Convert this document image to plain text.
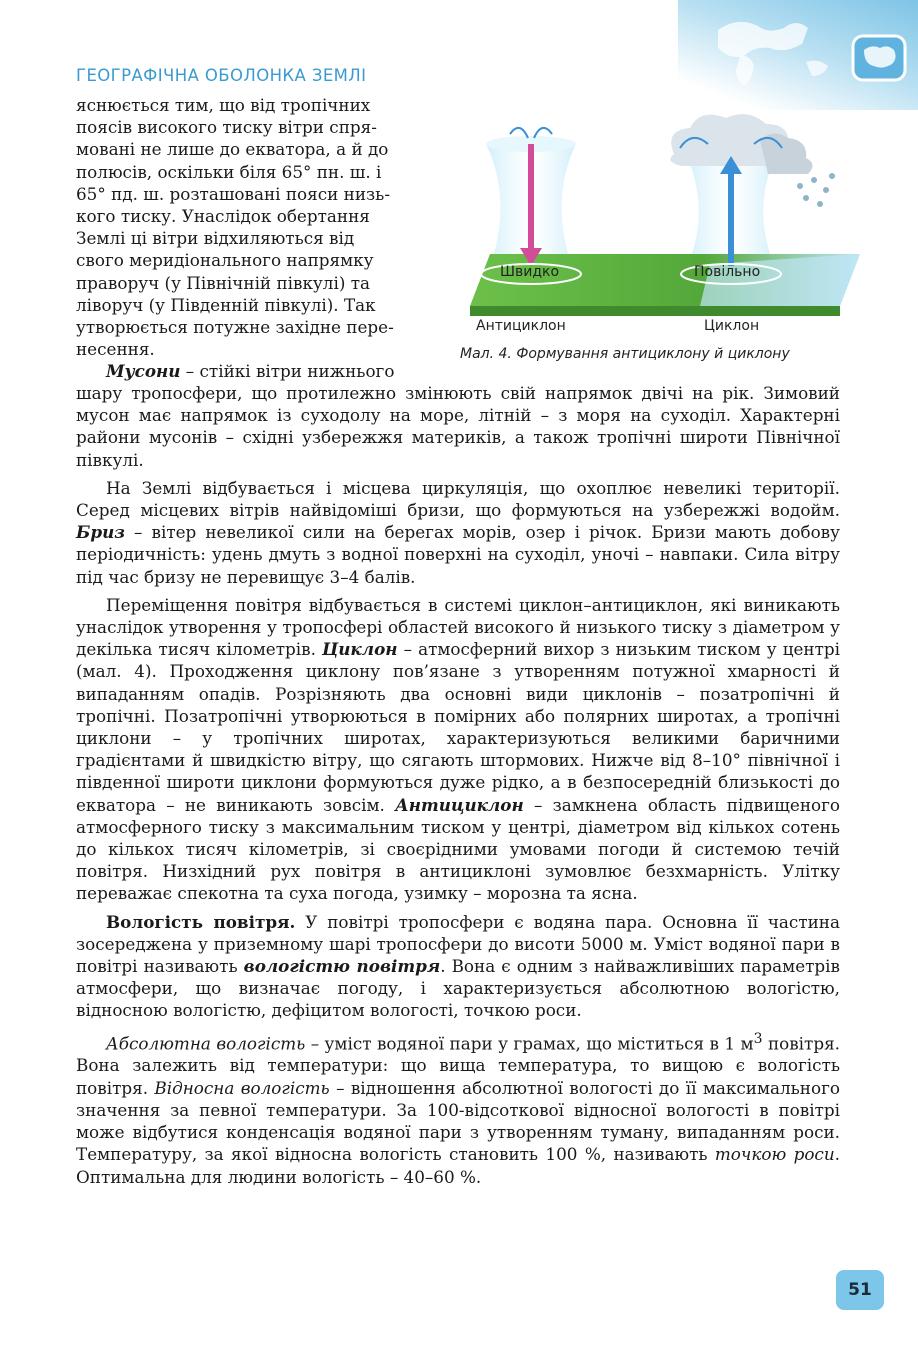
ГЕОГРАФІЧНА ОБОЛОНКА ЗЕМЛІ
Швидко	Повільно
Антициклон	Циклон
Мал. 4. Формування антициклону й циклону

яснюється тим, що від тропічних

поясів високого тиску вітри спря-

мовані не лише до екватора, а й до

полюсів, оскільки біля 65° пн. ш. і

65° пд. ш. розташовані пояси низь-

кого тиску. Унаслідок обертання

Землі ці вітри відхиляються від

свого меридіонального напрямку

праворуч (у Північній півкулі) та

ліворуч (у Південній півкулі). Так

утворюється потужне західне пере-

несення.

Мусони – стійкі вітри нижнього

шару тропосфери, що протилежно змінюють свій напрямок двічі на рік. Зимовий мусон має напрямок із суходолу на море, літній – з моря на суходіл. Характерні райони мусонів – східні узбережжя материків, а також тропічні широти Північної півкулі.

На Землі відбувається і місцева циркуляція, що охоплює невеликі території. Серед місцевих вітрів найвідоміші бризи, що формуються на узбережжі водойм. Бриз – вітер невеликої сили на берегах морів, озер і річок. Бризи мають добову періодичність: удень дмуть з водної поверхні на суходіл, уночі – навпаки. Сила вітру під час бризу не перевищує 3–4 балів.

Переміщення повітря відбувається в системі циклон–антициклон, які виникають унаслідок утворення у тропосфері областей високого й низького тиску з діаметром у декілька тисяч кілометрів. Циклон – атмосферний вихор з низьким тиском у центрі (мал. 4). Проходження циклону пов’язане з утворенням потужної хмарності й випаданням опадів. Розрізняють два основні види циклонів – позатропічні й тропічні. Позатропічні утворюються в помірних або полярних широтах, а тропічні циклони – у тропічних широтах, характеризуються великими баричними градієнтами й швидкістю вітру, що сягають штормових. Нижче від 8–10° північної і південної широти циклони формуються дуже рідко, а в безпосередній близькості до екватора – не виникають зовсім. Антициклон – замкнена область підвищеного атмосферного тиску з максимальним тиском у центрі, діаметром від кількох сотень до кількох тисяч кілометрів, зі своєрідними умовами погоди й системою течій повітря. Низхідний рух повітря в антициклоні зумовлює безхмарність. Улітку переважає спекотна та суха погода, узимку – морозна та ясна.

Вологість повітря. У повітрі тропосфери є водяна пара. Основна її частина зосереджена у приземному шарі тропосфери до висоти 5000 м. Уміст водяної пари в повітрі називають вологістю повітря. Вона є одним з найважливіших параметрів атмосфери, що визначає погоду, і характеризується абсолютною вологістю, відносною вологістю, дефіцитом вологості, точкою роси.

Абсолютна вологість – уміст водяної пари у грамах, що міститься в 1 $м^3$ повітря. Вона залежить від температури: що вища температура, то вищою є вологість повітря. Відносна вологість – відношення абсолютної вологості до її максимального значення за певної температури. За 100-відсоткової відносної вологості в повітрі може відбутися конденсація водяної пари з утворенням туману, випаданням роси. Температуру, за якої відносна вологість становить 100 %, називають точкою роси. Оптимальна для людини вологість – 40–60 %.

51
